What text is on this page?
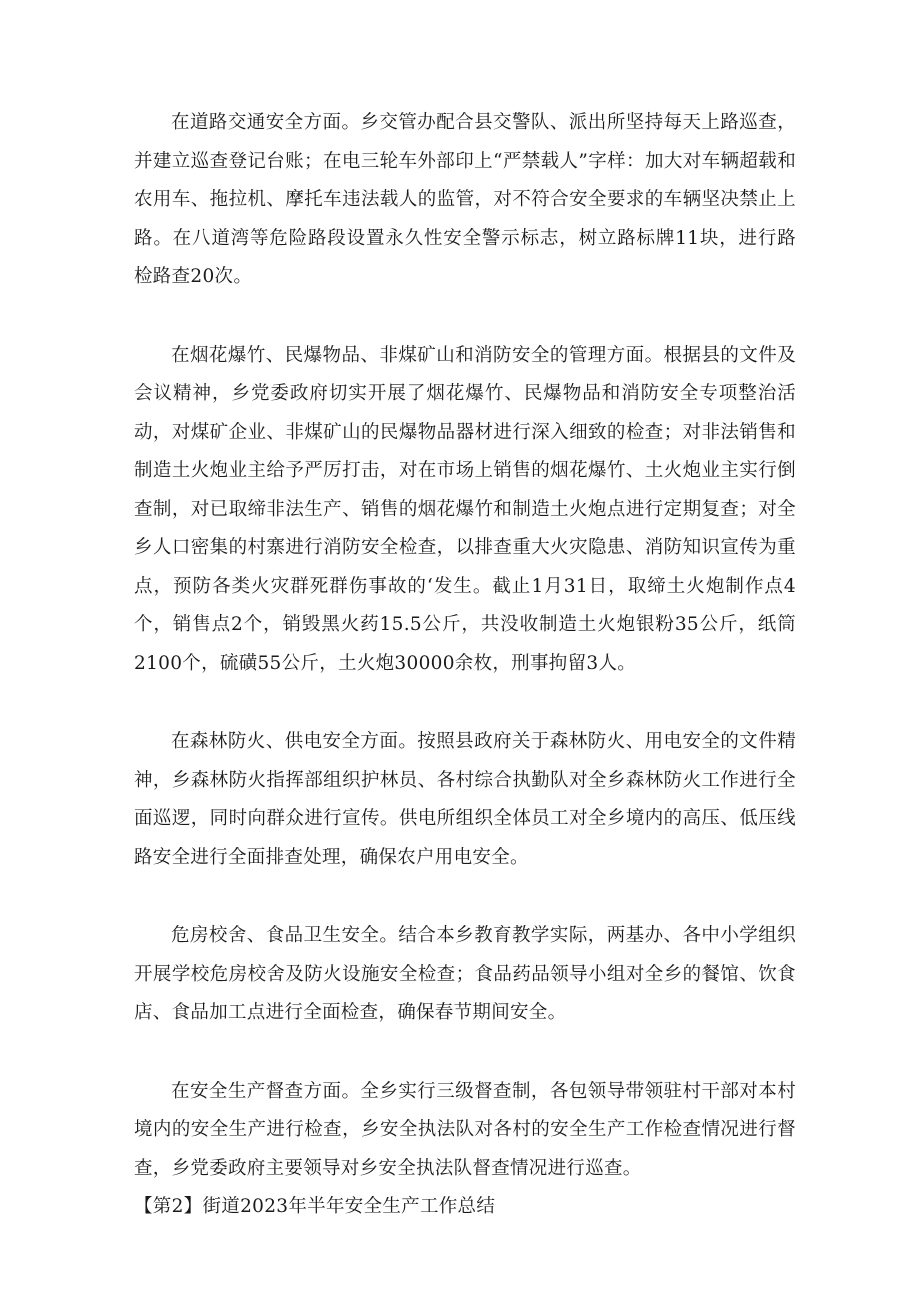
在道路交通安全方面。乡交管办配合县交警队、派出所坚持每天上路巡查，并建立巡查登记台账；在电三轮车外部印上“严禁载人”字样：加大对车辆超载和农用车、拖拉机、摩托车违法载人的监管，对不符合安全要求的车辆坚决禁止上路。在八道湾等危险路段设置永久性安全警示标志，树立路标牌11块，进行路检路查20次。

在烟花爆竹、民爆物品、非煤矿山和消防安全的管理方面。根据县的文件及会议精神，乡党委政府切实开展了烟花爆竹、民爆物品和消防安全专项整治活动，对煤矿企业、非煤矿山的民爆物品器材进行深入细致的检查；对非法销售和制造土火炮业主给予严厉打击，对在市场上销售的烟花爆竹、土火炮业主实行倒查制，对已取缔非法生产、销售的烟花爆竹和制造土火炮点进行定期复查；对全乡人口密集的村寨进行消防安全检查，以排查重大火灾隐患、消防知识宣传为重点，预防各类火灾群死群伤事故的‘发生。截止1月31日，取缔土火炮制作点4个，销售点2个，销毁黑火药15.5公斤，共没收制造土火炮银粉35公斤，纸筒2100个，硫磺55公斤，土火炮30000余枚，刑事拘留3人。

在森林防火、供电安全方面。按照县政府关于森林防火、用电安全的文件精神，乡森林防火指挥部组织护林员、各村综合执勤队对全乡森林防火工作进行全面巡逻，同时向群众进行宣传。供电所组织全体员工对全乡境内的高压、低压线路安全进行全面排查处理，确保农户用电安全。

危房校舍、食品卫生安全。结合本乡教育教学实际，两基办、各中小学组织开展学校危房校舍及防火设施安全检查；食品药品领导小组对全乡的餐馆、饮食店、食品加工点进行全面检查，确保春节期间安全。

在安全生产督查方面。全乡实行三级督查制，各包领导带领驻村干部对本村境内的安全生产进行检查，乡安全执法队对各村的安全生产工作检查情况进行督查，乡党委政府主要领导对乡安全执法队督查情况进行巡查。

【第2】街道2023年半年安全生产工作总结
